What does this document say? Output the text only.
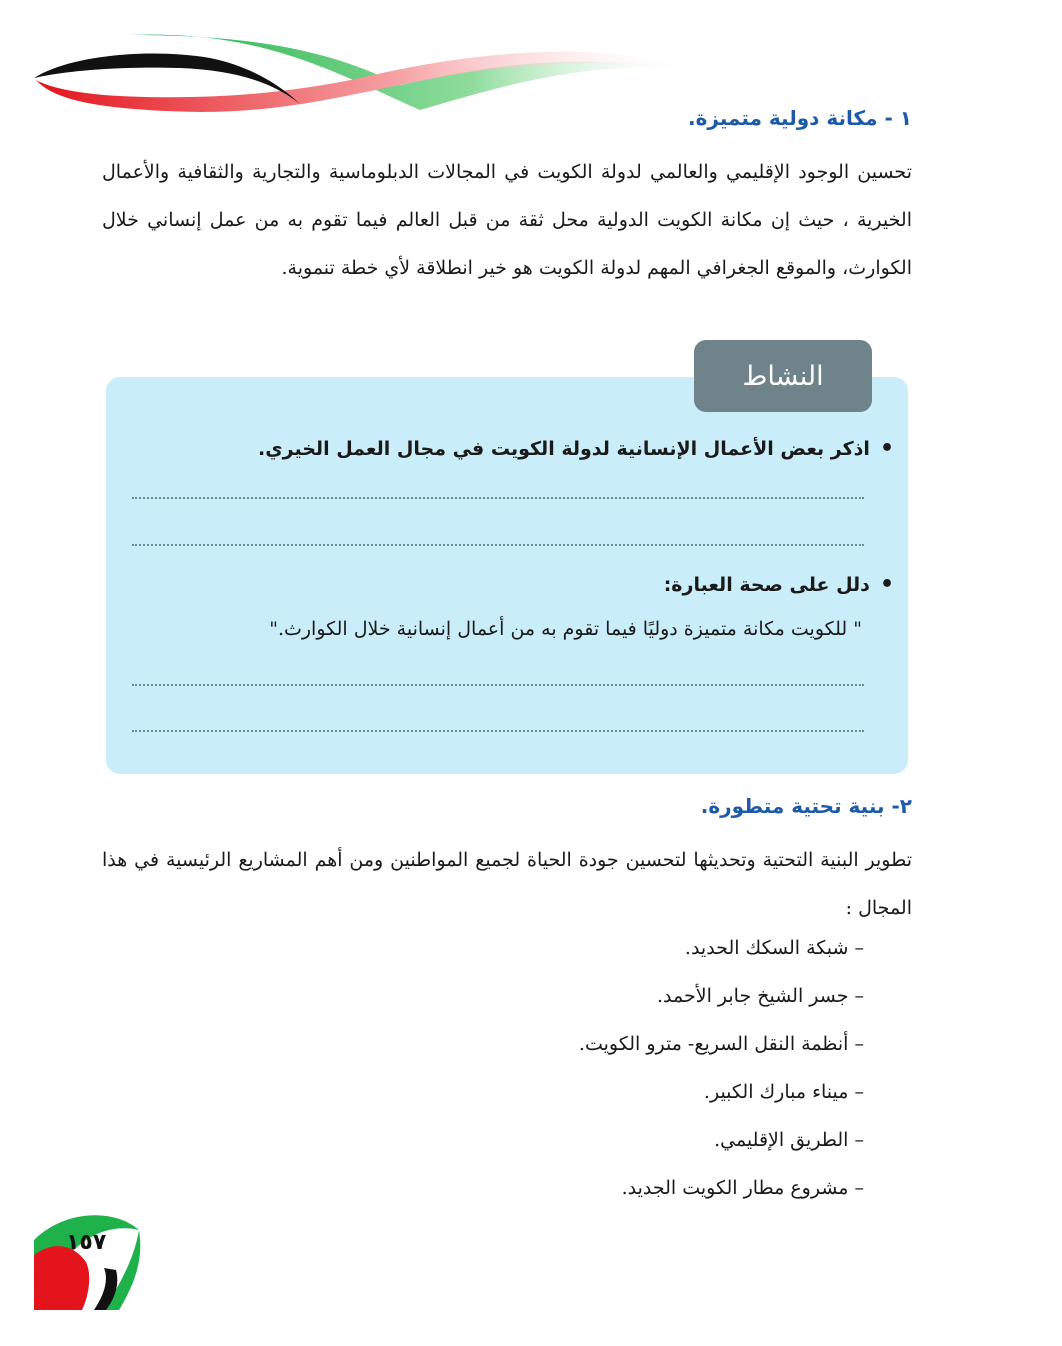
١ - مكانة دولية متميزة.
تحسين الوجود الإقليمي والعالمي لدولة الكويت في المجالات الدبلوماسية والتجارية والثقافية والأعمال الخيرية ، حيث إن مكانة الكويت الدولية محل ثقة من قبل العالم فيما تقوم به من عمل إنساني خلال الكوارث، والموقع الجغرافي المهم لدولة الكويت هو خير انطلاقة لأي خطة تنموية.
النشاط
•اذكر بعض الأعمال الإنسانية لدولة الكويت في مجال العمل الخيري.
•دلل على صحة العبارة:
" للكويت مكانة متميزة دوليًا فيما تقوم به من أعمال إنسانية خلال الكوارث."
٢- بنية تحتية متطورة.
تطوير البنية التحتية وتحديثها لتحسين جودة الحياة لجميع المواطنين ومن أهم المشاريع الرئيسية في هذا المجال :
– شبكة السكك الحديد.
– جسر الشيخ جابر الأحمد.
– أنظمة النقل السريع- مترو الكويت.
– ميناء مبارك الكبير.
– الطريق الإقليمي.
– مشروع مطار الكويت الجديد.
١٥٧
